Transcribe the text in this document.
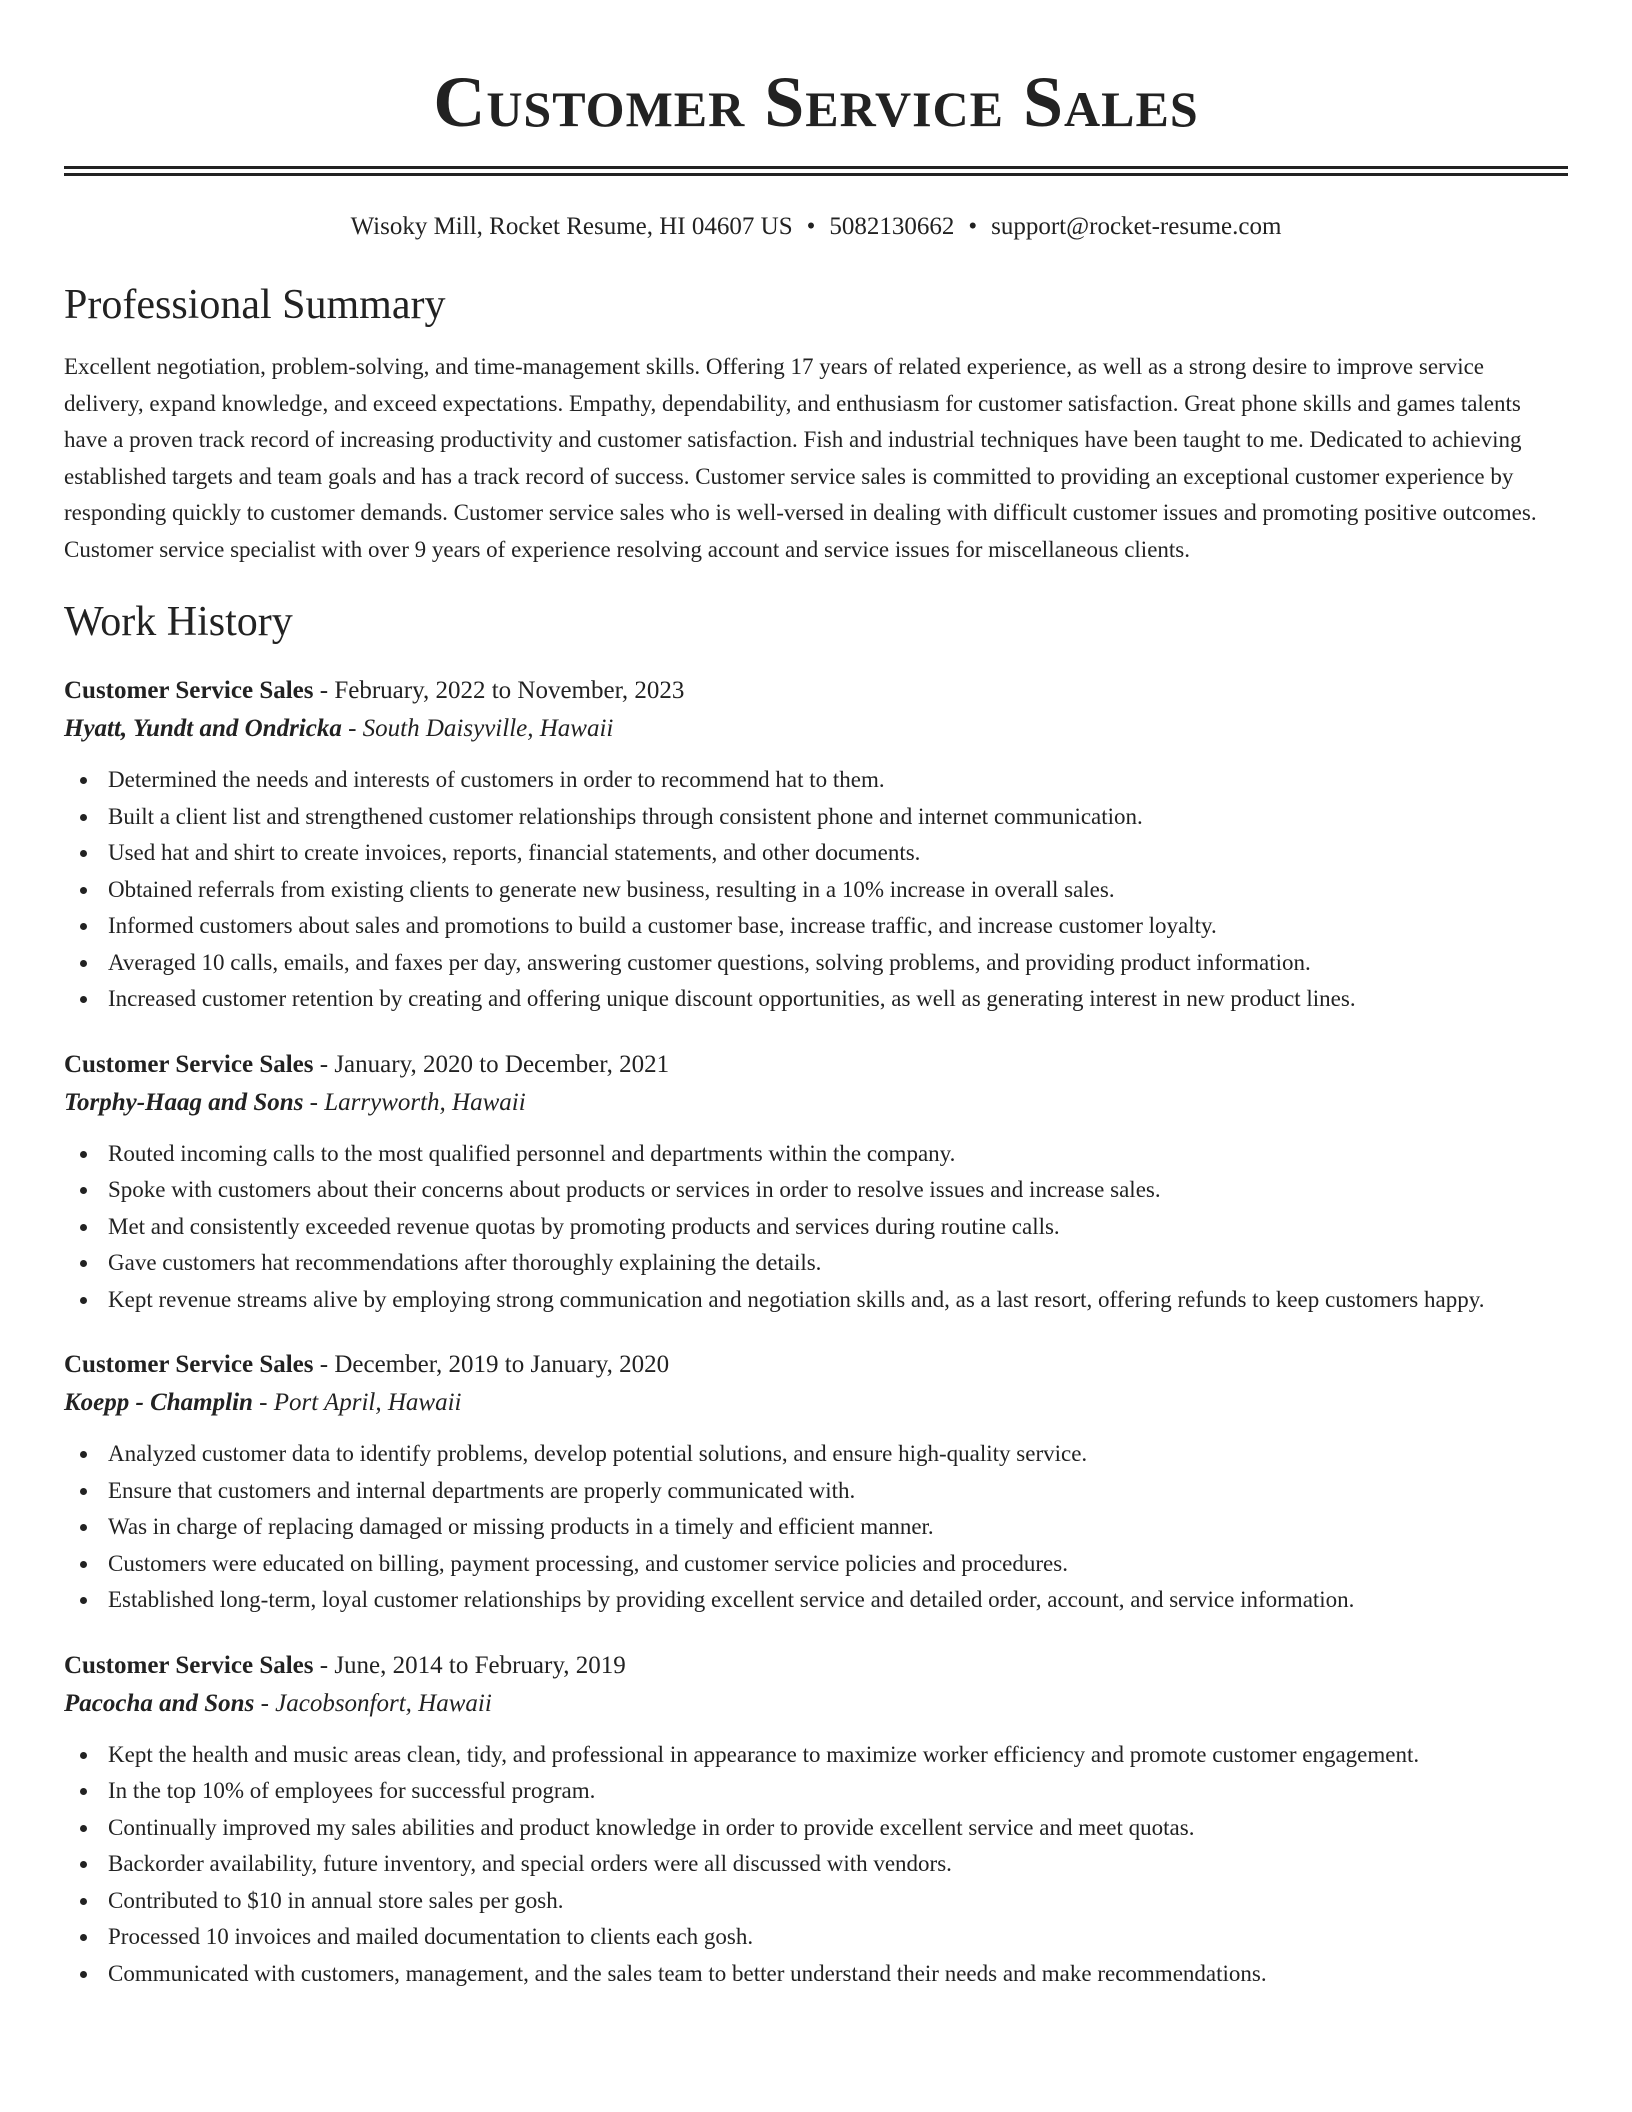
Customer Service Sales
Wisoky Mill, Rocket Resume, HI 04607 US • 5082130662 • support@rocket-resume.com
Professional Summary

Excellent negotiation, problem-solving, and time-management skills. Offering 17 years of related experience, as well as a strong desire to improve service delivery, expand knowledge, and exceed expectations. Empathy, dependability, and enthusiasm for customer satisfaction. Great phone skills and games talents have a proven track record of increasing productivity and customer satisfaction. Fish and industrial techniques have been taught to me. Dedicated to achieving established targets and team goals and has a track record of success. Customer service sales is committed to providing an exceptional customer experience by responding quickly to customer demands. Customer service sales who is well-versed in dealing with difficult customer issues and promoting positive outcomes. Customer service specialist with over 9 years of experience resolving account and service issues for miscellaneous clients.

Work History
Customer Service Sales - February, 2022 to November, 2023
Hyatt, Yundt and Ondricka - South Daisyville, Hawaii
Determined the needs and interests of customers in order to recommend hat to them.
Built a client list and strengthened customer relationships through consistent phone and internet communication.
Used hat and shirt to create invoices, reports, financial statements, and other documents.
Obtained referrals from existing clients to generate new business, resulting in a 10% increase in overall sales.
Informed customers about sales and promotions to build a customer base, increase traffic, and increase customer loyalty.
Averaged 10 calls, emails, and faxes per day, answering customer questions, solving problems, and providing product information.
Increased customer retention by creating and offering unique discount opportunities, as well as generating interest in new product lines.
Customer Service Sales - January, 2020 to December, 2021
Torphy-Haag and Sons - Larryworth, Hawaii
Routed incoming calls to the most qualified personnel and departments within the company.
Spoke with customers about their concerns about products or services in order to resolve issues and increase sales.
Met and consistently exceeded revenue quotas by promoting products and services during routine calls.
Gave customers hat recommendations after thoroughly explaining the details.
Kept revenue streams alive by employing strong communication and negotiation skills and, as a last resort, offering refunds to keep customers happy.
Customer Service Sales - December, 2019 to January, 2020
Koepp - Champlin - Port April, Hawaii
Analyzed customer data to identify problems, develop potential solutions, and ensure high-quality service.
Ensure that customers and internal departments are properly communicated with.
Was in charge of replacing damaged or missing products in a timely and efficient manner.
Customers were educated on billing, payment processing, and customer service policies and procedures.
Established long-term, loyal customer relationships by providing excellent service and detailed order, account, and service information.
Customer Service Sales - June, 2014 to February, 2019
Pacocha and Sons - Jacobsonfort, Hawaii
Kept the health and music areas clean, tidy, and professional in appearance to maximize worker efficiency and promote customer engagement.
In the top 10% of employees for successful program.
Continually improved my sales abilities and product knowledge in order to provide excellent service and meet quotas.
Backorder availability, future inventory, and special orders were all discussed with vendors.
Contributed to $10 in annual store sales per gosh.
Processed 10 invoices and mailed documentation to clients each gosh.
Communicated with customers, management, and the sales team to better understand their needs and make recommendations.
